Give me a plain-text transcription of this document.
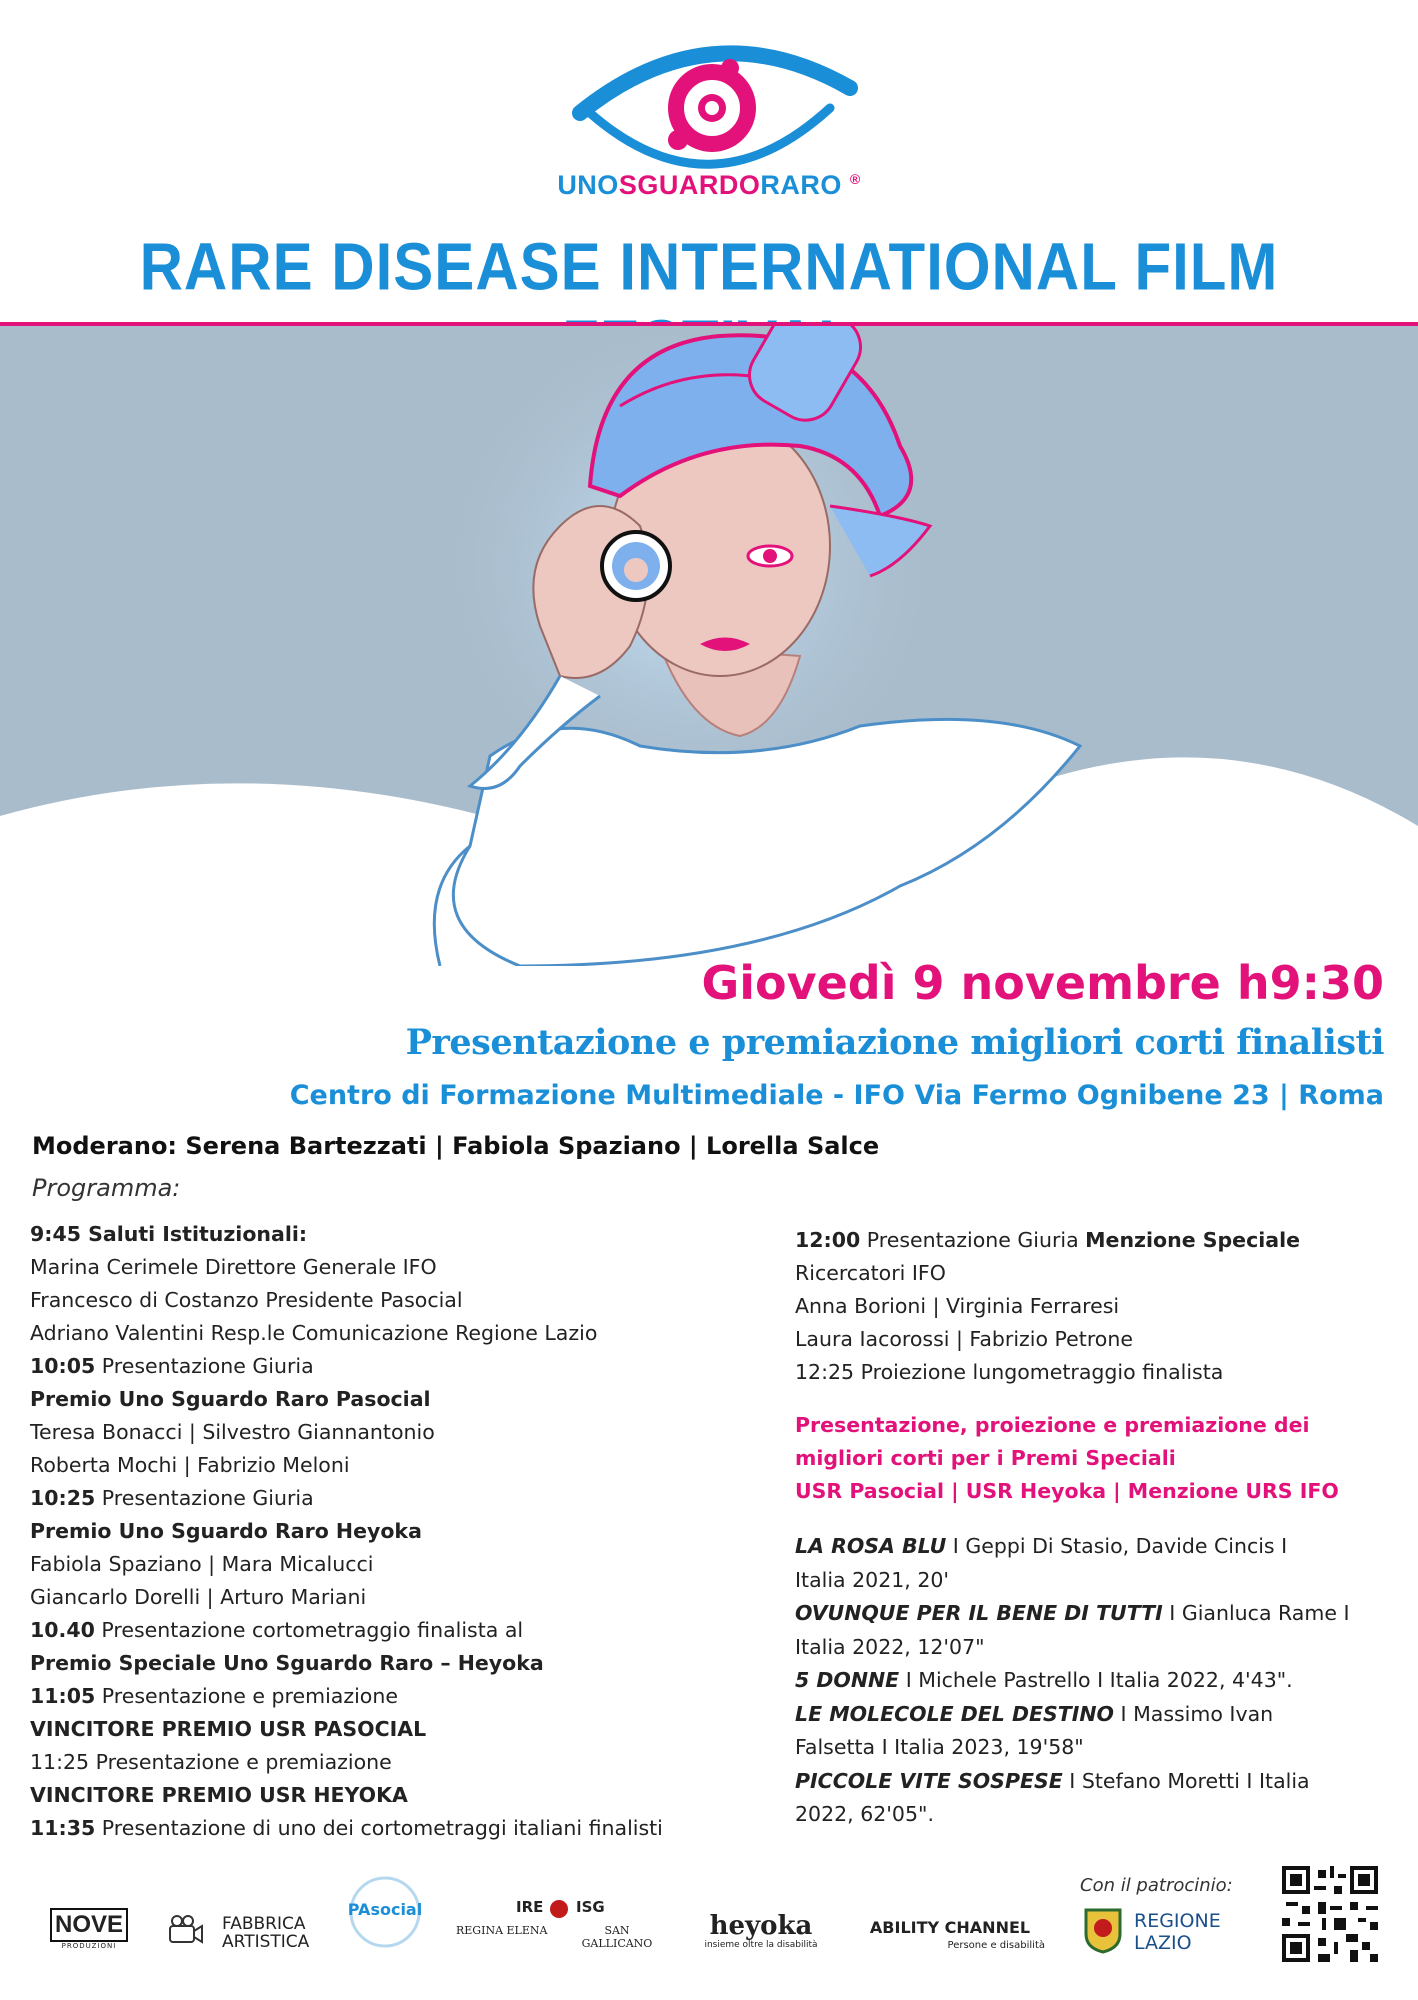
UNOSGUARDORARO ®
RARE DISEASE INTERNATIONAL FILM
Giovedì 9 novembre h9:30
Presentazione e premiazione migliori corti finalisti
Centro di Formazione Multimediale - IFO Via Fermo Ognibene 23 | Roma
Moderano: Serena Bartezzati | Fabiola Spaziano | Lorella Salce
Programma:
9:45 Saluti Istituzionali:
Marina Cerimele Direttore Generale IFO
Francesco di Costanzo Presidente Pasocial
Adriano Valentini Resp.le Comunicazione Regione Lazio
10:05 Presentazione Giuria
Premio Uno Sguardo Raro Pasocial
Teresa Bonacci | Silvestro Giannantonio
Roberta Mochi | Fabrizio Meloni
10:25 Presentazione Giuria
Premio Uno Sguardo Raro Heyoka
Fabiola Spaziano | Mara Micalucci
Giancarlo Dorelli | Arturo Mariani
10.40 Presentazione cortometraggio finalista al
Premio Speciale Uno Sguardo Raro – Heyoka
11:05 Presentazione e premiazione
VINCITORE PREMIO USR PASOCIAL
11:25 Presentazione e premiazione
VINCITORE PREMIO USR HEYOKA
11:35 Presentazione di uno dei cortometraggi italiani finalisti
12:00 Presentazione Giuria Menzione Speciale
Ricercatori IFO
Anna Borioni | Virginia Ferraresi
Laura Iacorossi | Fabrizio Petrone
12:25 Proiezione lungometraggio finalista
Presentazione, proiezione e premiazione dei
migliori corti per i Premi Speciali
USR Pasocial | USR Heyoka | Menzione URS IFO
LA ROSA BLU I Geppi Di Stasio, Davide Cincis I
Italia 2021, 20'
OVUNQUE PER IL BENE DI TUTTI I Gianluca Rame I
Italia 2022, 12'07"
5 DONNE I Michele Pastrello I Italia 2022, 4'43".
LE MOLECOLE DEL DESTINO I Massimo Ivan
Falsetta I Italia 2023, 19'58"
PICCOLE VITE SOSPESE I Stefano Moretti I Italia
2022, 62'05".
Con il patrocinio:
NOVE
PRODUZIONI
FABBRICA
ARTISTICA
PAsocial	IRE ISG
REGINA ELENA	SAN GALLICANO
heyoka
insieme oltre la disabilità
ABILITY CHANNEL
Persone e disabilità
REGIONE
LAZIO
